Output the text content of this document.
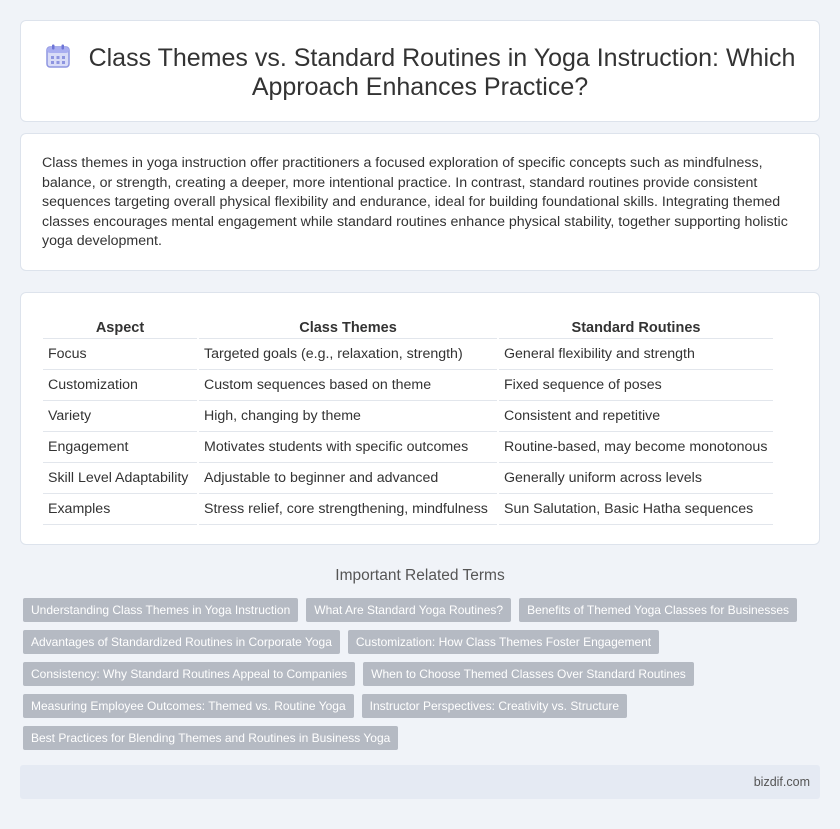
Class Themes vs. Standard Routines in Yoga Instruction: Which
Approach Enhances Practice?

Class themes in yoga instruction offer practitioners a focused exploration of specific concepts such as mindfulness, balance, or strength, creating a deeper, more intentional practice. In contrast, standard routines provide consistent sequences targeting overall physical flexibility and endurance, ideal for building foundational skills. Integrating themed classes encourages mental engagement while standard routines enhance physical stability, together supporting holistic yoga development.

Aspect	Class Themes	Standard Routines
Focus	Targeted goals (e.g., relaxation, strength)	General flexibility and strength
Customization	Custom sequences based on theme	Fixed sequence of poses
Variety	High, changing by theme	Consistent and repetitive
Engagement	Motivates students with specific outcomes	Routine-based, may become monotonous
Skill Level Adaptability	Adjustable to beginner and advanced	Generally uniform across levels
Examples	Stress relief, core strengthening, mindfulness	Sun Salutation, Basic Hatha sequences
Important Related Terms
Understanding Class Themes in Yoga Instruction	What Are Standard Yoga Routines?	Benefits of Themed Yoga Classes for Businesses
Advantages of Standardized Routines in Corporate Yoga	Customization: How Class Themes Foster Engagement
Consistency: Why Standard Routines Appeal to Companies	When to Choose Themed Classes Over Standard Routines
Measuring Employee Outcomes: Themed vs. Routine Yoga	Instructor Perspectives: Creativity vs. Structure
Best Practices for Blending Themes and Routines in Business Yoga
bizdif.com
